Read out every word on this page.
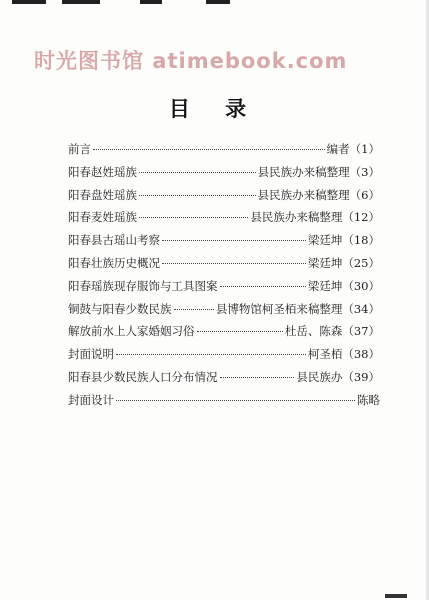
时光图书馆 atimebook.com
目 录
前言	编者（1）
阳春赵姓瑶族	县民族办来稿整理（3）
阳春盘姓瑶族	县民族办来稿整理（6）
阳春麦姓瑶族	县民族办来稿整理（12）
阳春县古瑶山考察	梁廷坤（18）
阳春壮族历史概况	梁廷坤（25）
阳春瑶族现存服饰与工具图案	梁廷坤（30）
铜鼓与阳春少数民族	县博物馆柯圣栢来稿整理（34）
解放前水上人家婚姻习俗	杜岳、陈森（37）
封面说明	柯圣栢（38）
阳春县少数民族人口分布情况	县民族办（39）
封面设计	陈略
